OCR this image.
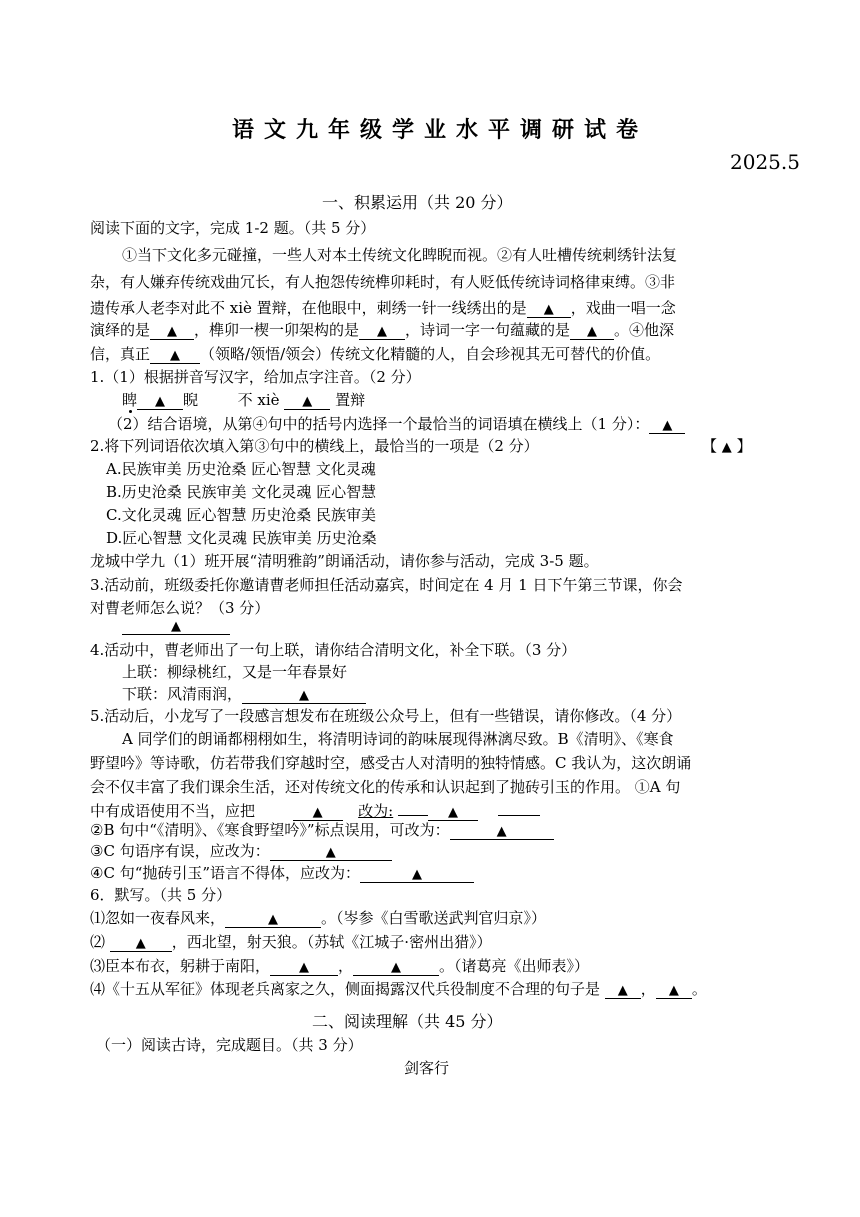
语文九年级学业水平调研试卷
2025.5
一、积累运用（共 20 分）
阅读下面的文字，完成 1-2 题。（共 5 分）
①当下文化多元碰撞，一些人对本土传统文化睥睨而视。②有人吐槽传统刺绣针法复
杂，有人嫌弃传统戏曲冗长，有人抱怨传统榫卯耗时，有人贬低传统诗词格律束缚。③非
遗传承人老李对此不 xiè 置辩，在他眼中，刺绣一针一线绣出的是 ▲ ，戏曲一唱一念
演绎的是 ▲ ，榫卯一楔一卯架构的是 ▲ ，诗词一字一句蕴藏的是 ▲ 。④他深
信，真正 ▲ （领略/领悟/领会）传统文化精髓的人，自会珍视其无可替代的价值。
1.（1）根据拼音写汉字，给加点字注音。（2 分）
睥 ▲ 睨	不 xiè ▲ 置辩
（2）结合语境，从第④句中的括号内选择一个最恰当的词语填在横线上（1 分）： ▲
2.将下列词语依次填入第③句中的横线上，最恰当的一项是（2 分）	【 ▲ 】
A.民族审美 历史沧桑 匠心智慧 文化灵魂
B.历史沧桑 民族审美 文化灵魂 匠心智慧
C.文化灵魂 匠心智慧 历史沧桑 民族审美
D.匠心智慧 文化灵魂 民族审美 历史沧桑
龙城中学九（1）班开展“清明雅韵”朗诵活动，请你参与活动，完成 3-5 题。
3.活动前，班级委托你邀请曹老师担任活动嘉宾，时间定在 4 月 1 日下午第三节课，你会
对曹老师怎么说？（3 分）
▲
4.活动中，曹老师出了一句上联，请你结合清明文化，补全下联。（3 分）
上联：柳绿桃红，又是一年春景好
下联：风清雨润，	▲
5.活动后，小龙写了一段感言想发布在班级公众号上，但有一些错误，请你修改。（4 分）
A 同学们的朗诵都栩栩如生，将清明诗词的韵味展现得淋漓尽致。B《清明》、《寒食
野望吟》等诗歌，仿若带我们穿越时空，感受古人对清明的独特情感。C 我认为，这次朗诵
会不仅丰富了我们课余生活，还对传统文化的传承和认识起到了抛砖引玉的作用。 ①A 句
中有成语使用不当，应把	▲ 改为:	▲
②B 句中“《清明》、《寒食野望吟》”标点误用，可改为：	▲
③C 句语序有误，应改为：	▲
④C 句“抛砖引玉”语言不得体，应改为：	▲
6．默写。（共 5 分）
⑴忽如一夜春风来，	▲	。（岑参《白雪歌送武判官归京》）
⑵ ▲ ，西北望，射天狼。（苏轼《江城子·密州出猎》）
⑶臣本布衣，躬耕于南阳， ▲ ，	▲	。（诸葛亮《出师表》）
⑷《十五从军征》体现老兵离家之久，侧面揭露汉代兵役制度不合理的句子是 ▲ ， ▲ 。
二、阅读理解（共 45 分）
（一）阅读古诗，完成题目。（共 3 分）
剑客行
